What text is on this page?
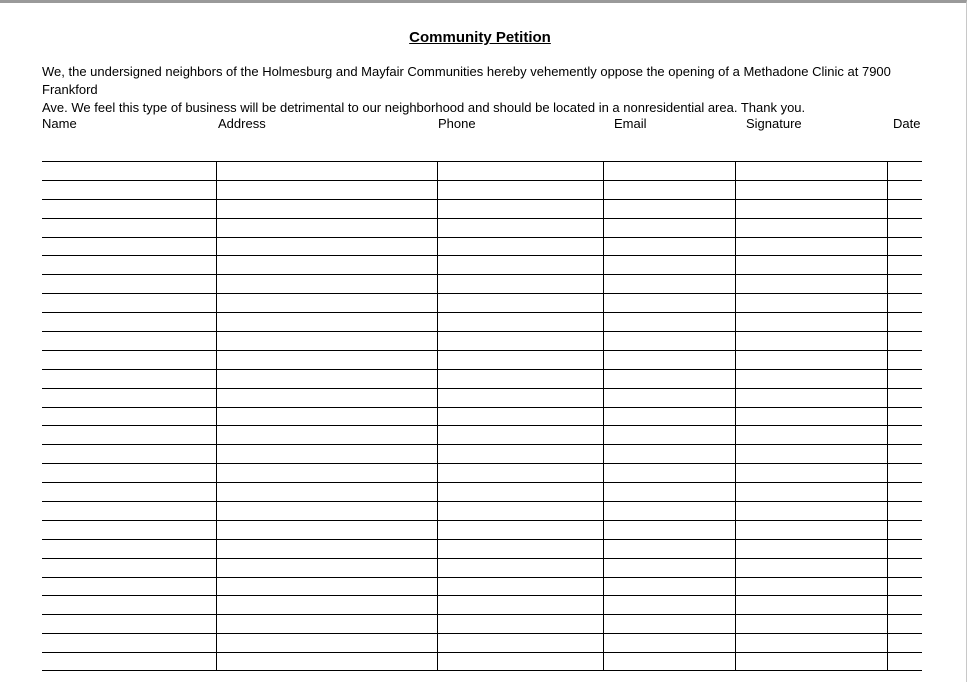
Community Petition
We, the undersigned neighbors of the Holmesburg and Mayfair Communities hereby vehemently oppose the opening of a Methadone Clinic at 7900 Frankford
Ave. We feel this type of business will be detrimental to our neighborhood and should be located in a nonresidential area. Thank you.
Name	Address	Phone	Email	Signature	Date
